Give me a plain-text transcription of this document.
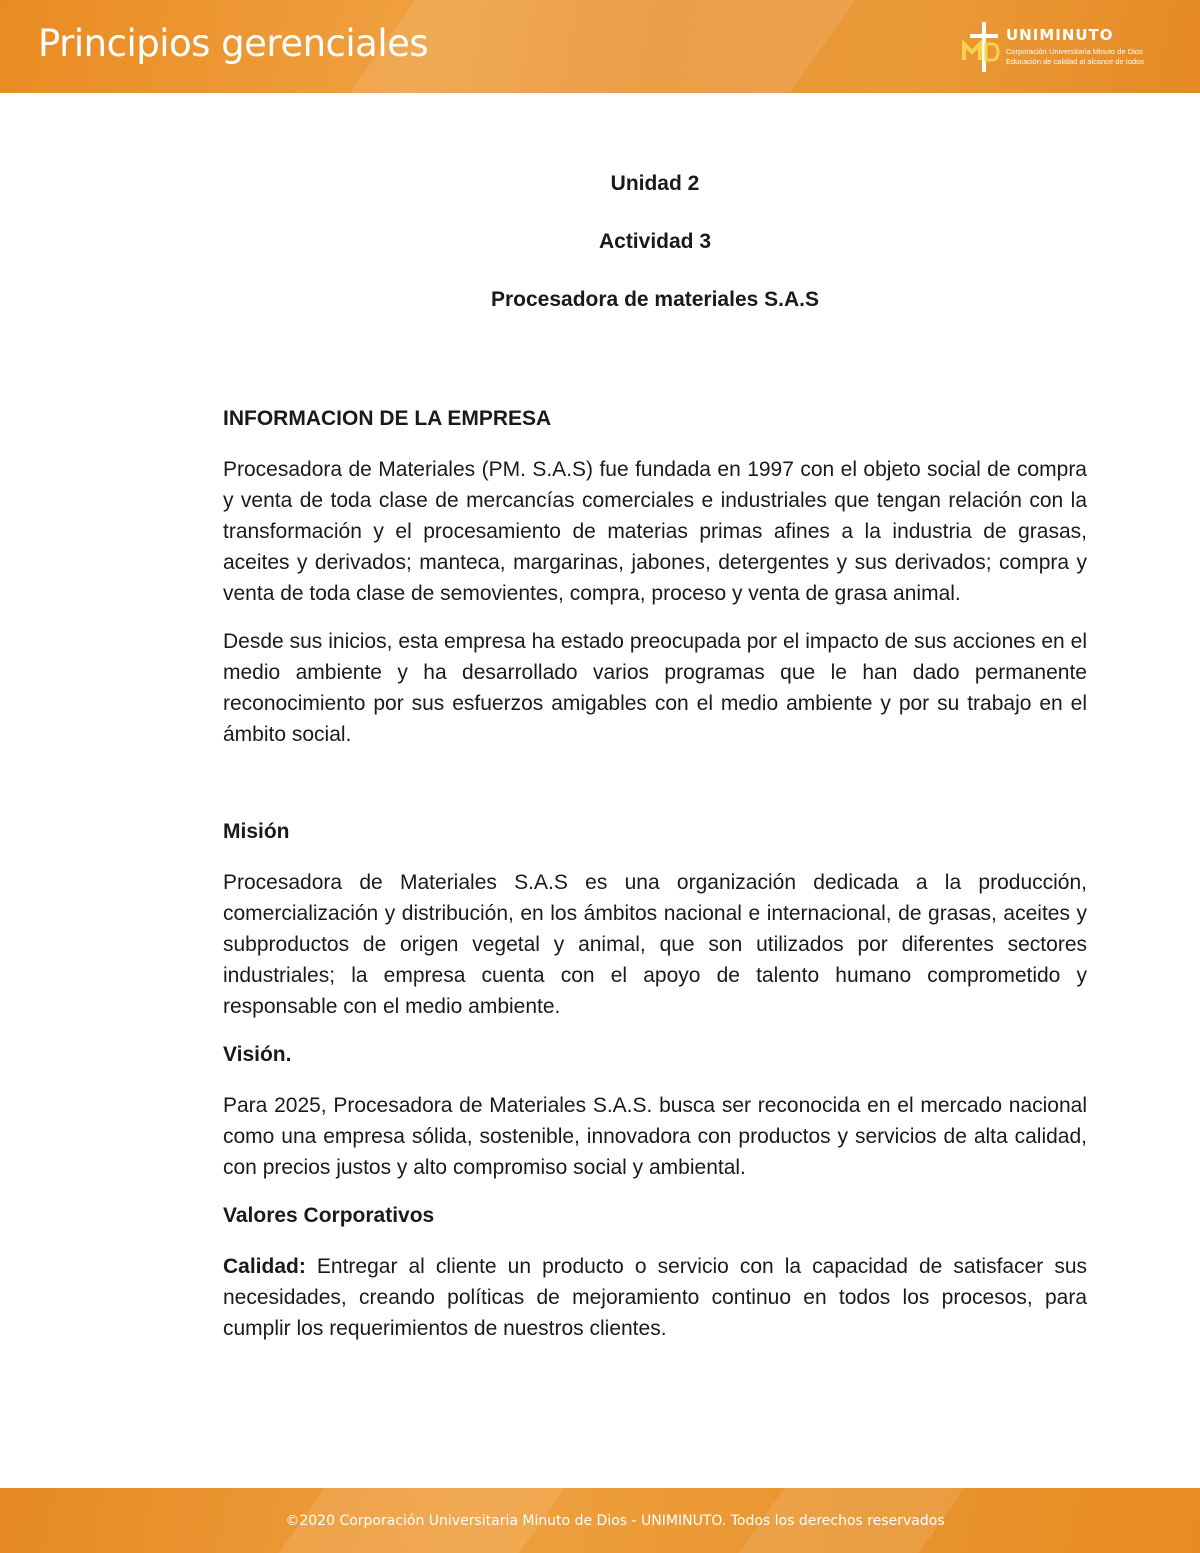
Principios gerenciales	UNIMINUTO
Corporación Universitaria Minuto de Dios
Educación de calidad al alcance de todos

Unidad 2

Actividad 3

Procesadora de materiales S.A.S

INFORMACION DE LA EMPRESA

Procesadora de Materiales (PM. S.A.S) fue fundada en 1997 con el objeto social de compra y venta de toda clase de mercancías comerciales e industriales que tengan relación con la transformación y el procesamiento de materias primas afines a la industria de grasas, aceites y derivados; manteca, margarinas, jabones, detergentes y sus derivados; compra y venta de toda clase de semovientes, compra, proceso y venta de grasa animal.

Desde sus inicios, esta empresa ha estado preocupada por el impacto de sus acciones en el medio ambiente y ha desarrollado varios programas que le han dado permanente reconocimiento por sus esfuerzos amigables con el medio ambiente y por su trabajo en el ámbito social.

Misión

Procesadora de Materiales S.A.S es una organización dedicada a la producción, comercialización y distribución, en los ámbitos nacional e internacional, de grasas, aceites y subproductos de origen vegetal y animal, que son utilizados por diferentes sectores industriales; la empresa cuenta con el apoyo de talento humano comprometido y responsable con el medio ambiente.

Visión.

Para 2025, Procesadora de Materiales S.A.S. busca ser reconocida en el mercado nacional como una empresa sólida, sostenible, innovadora con productos y servicios de alta calidad, con precios justos y alto compromiso social y ambiental.

Valores Corporativos

Calidad: Entregar al cliente un producto o servicio con la capacidad de satisfacer sus necesidades, creando políticas de mejoramiento continuo en todos los procesos, para cumplir los requerimientos de nuestros clientes.

©2020 Corporación Universitaria Minuto de Dios - UNIMINUTO. Todos los derechos reservados
